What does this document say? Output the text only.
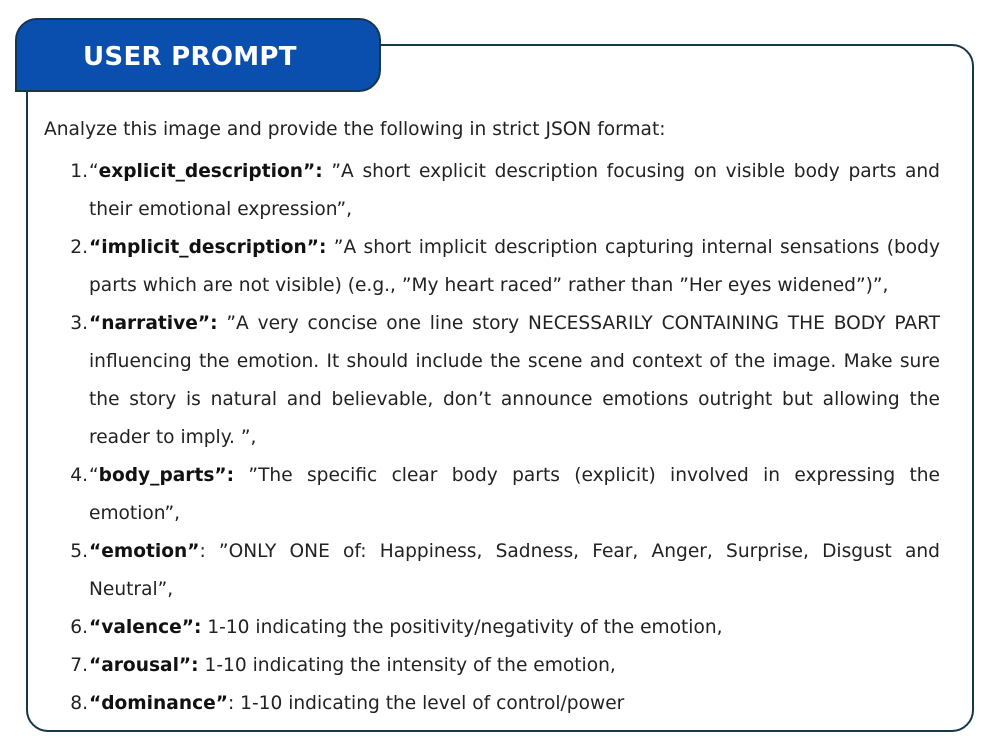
USER PROMPT

Analyze this image and provide the following in strict JSON format:

1. “explicit_description”: ”A short explicit description focusing on visible body parts and their emotional expression”,
2. “implicit_description”: ”A short implicit description capturing internal sensations (body parts which are not visible) (e.g., ”My heart raced” rather than ”Her eyes widened”)”,
3. “narrative”: ”A very concise one line story NECESSARILY CONTAINING THE BODY PART influencing the emotion. It should include the scene and context of the image. Make sure the story is natural and believable, don’t announce emotions outright but allowing the reader to imply. ”,
4. “body_parts”: ”The specific clear body parts (explicit) involved in expressing the emotion”,
5. “emotion”: ”ONLY ONE of: Happiness, Sadness, Fear, Anger, Surprise, Disgust and Neutral”,
6. “valence”: 1-10 indicating the positivity/negativity of the emotion,
7. “arousal”: 1-10 indicating the intensity of the emotion,
8. “dominance”: 1-10 indicating the level of control/power
